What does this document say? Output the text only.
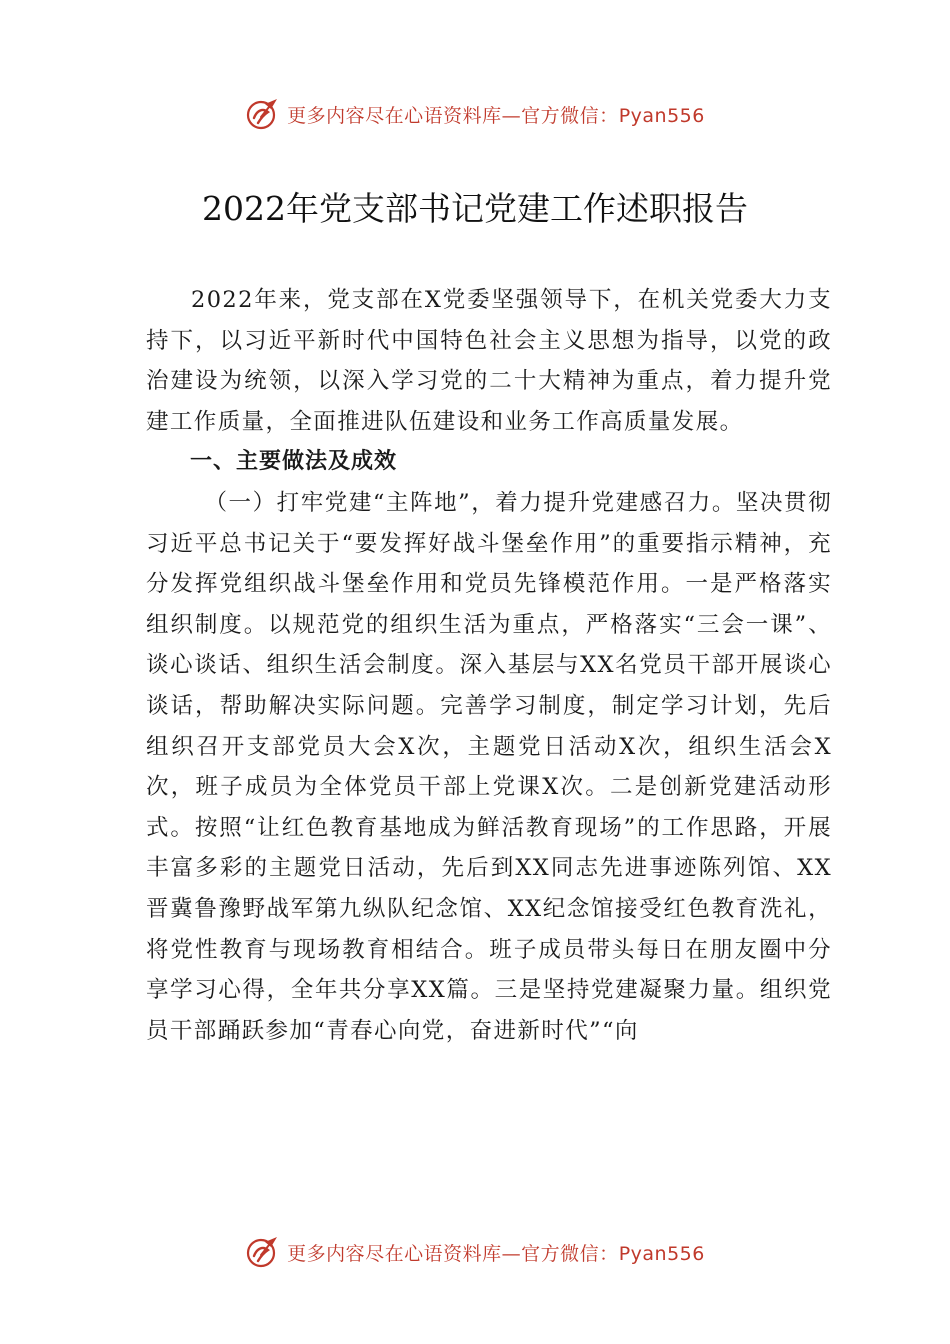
更多内容尽在心语资料库—官方微信：Pyan556
2022年党支部书记党建工作述职报告

2022年来，党支部在X党委坚强领导下，在机关党委大力支持下，以习近平新时代中国特色社会主义思想为指导，以党的政治建设为统领，以深入学习党的二十大精神为重点，着力提升党建工作质量，全面推进队伍建设和业务工作高质量发展。

一、主要做法及成效

（一）打牢党建“主阵地”，着力提升党建感召力。坚决贯彻习近平总书记关于“要发挥好战斗堡垒作用”的重要指示精神，充分发挥党组织战斗堡垒作用和党员先锋模范作用。一是严格落实组织制度。以规范党的组织生活为重点，严格落实“三会一课”、谈心谈话、组织生活会制度。深入基层与XX名党员干部开展谈心谈话，帮助解决实际问题。完善学习制度，制定学习计划，先后组织召开支部党员大会X次，主题党日活动X次，组织生活会X次，班子成员为全体党员干部上党课X次。二是创新党建活动形式。按照“让红色教育基地成为鲜活教育现场”的工作思路，开展丰富多彩的主题党日活动，先后到XX同志先进事迹陈列馆、XX晋冀鲁豫野战军第九纵队纪念馆、XX纪念馆接受红色教育洗礼，将党性教育与现场教育相结合。班子成员带头每日在朋友圈中分享学习心得，全年共分享XX篇。三是坚持党建凝聚力量。组织党员干部踊跃参加“青春心向党，奋进新时代”“向

更多内容尽在心语资料库—官方微信：Pyan556
